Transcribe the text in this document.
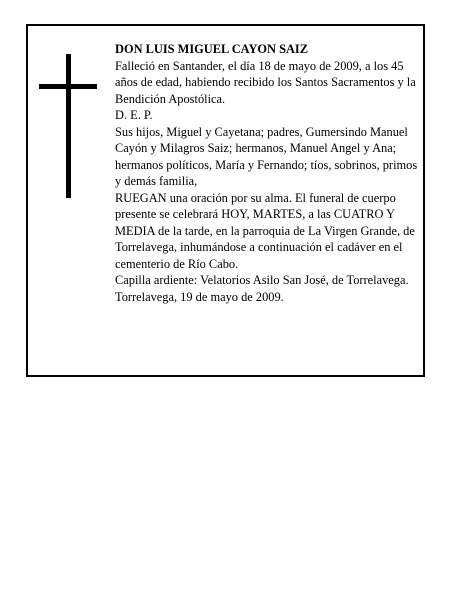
DON LUIS MIGUEL CAYON SAIZ

Falleció en Santander, el día 18 de mayo de 2009, a los 45 años de edad, habiendo recibido los Santos Sacramentos y la Bendición Apostólica.

D. E. P.

Sus hijos, Miguel y Cayetana; padres, Gumersindo Manuel Cayón y Milagros Saiz; hermanos, Manuel Angel y Ana; hermanos políticos, María y Fernando; tíos, sobrinos, primos y demás familia,

RUEGAN una oración por su alma. El funeral de cuerpo presente se celebrará HOY, MARTES, a las CUATRO Y MEDIA de la tarde, en la parroquia de La Virgen Grande, de Torrelavega, inhumándose a continuación el cadáver en el cementerio de Río Cabo.

Capilla ardiente: Velatorios Asilo San José, de Torrelavega.

Torrelavega, 19 de mayo de 2009.
